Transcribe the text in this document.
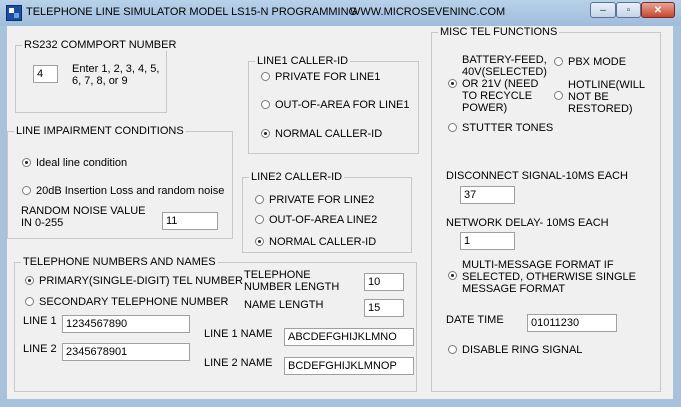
TELEPHONE LINE SIMULATOR MODEL LS15-N PROGRAMMING
WWW.MICROSEVENINC.COM	– ▫ ✕
RS232 COMMPORT NUMBER
4
Enter 1, 2, 3, 4, 5, 6, 7, 8, or 9
LINE IMPAIRMENT CONDITIONS
Ideal line condition
20dB Insertion Loss and random noise
RANDOM NOISE VALUE IN 0-255
11
LINE1 CALLER-ID
PRIVATE FOR LINE1
OUT-OF-AREA FOR LINE1
NORMAL CALLER-ID
LINE2 CALLER-ID
PRIVATE FOR LINE2
OUT-OF-AREA LINE2
NORMAL CALLER-ID
TELEPHONE NUMBERS AND NAMES
PRIMARY(SINGLE-DIGIT) TEL NUMBER
SECONDARY TELEPHONE NUMBER
TELEPHONE NUMBER LENGTH
10
NAME LENGTH
15
LINE 1
1234567890
LINE 2
2345678901
LINE 1 NAME
ABCDEFGHIJKLMNO
LINE 2 NAME
BCDEFGHIJKLMNOP
MISC TEL FUNCTIONS
BATTERY-FEED, 40V(SELECTED) OR 21V (NEED TO RECYCLE POWER)
PBX MODE
HOTLINE(WILL NOT BE RESTORED)
STUTTER TONES
DISCONNECT SIGNAL-10MS EACH
37
NETWORK DELAY- 10MS EACH
1
MULTI-MESSAGE FORMAT IF SELECTED, OTHERWISE SINGLE MESSAGE FORMAT
DATE TIME
01011230
DISABLE RING SIGNAL
